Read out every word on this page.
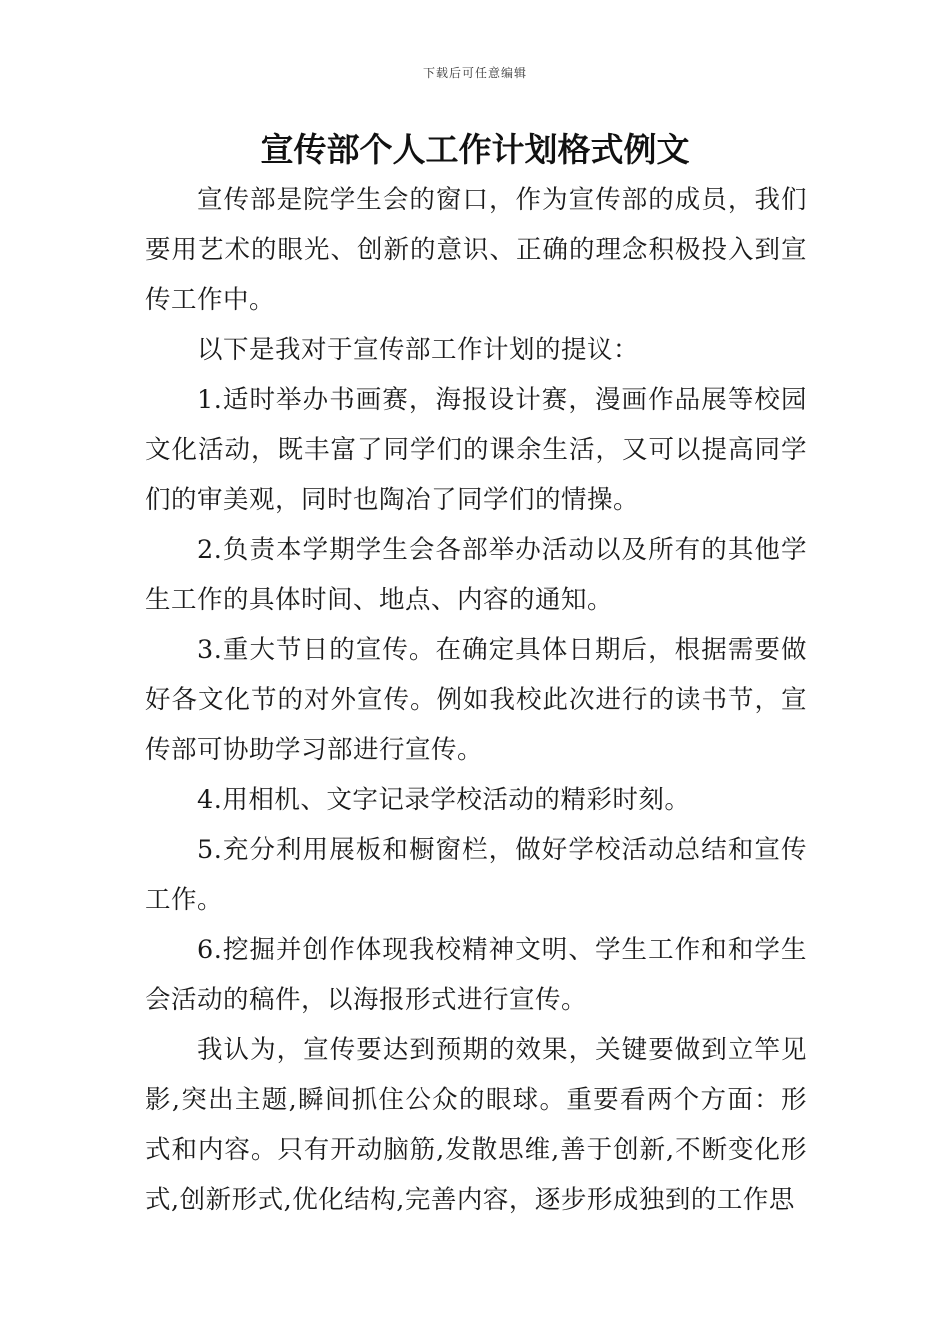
下载后可任意编辑
宣传部个人工作计划格式例文

宣传部是院学生会的窗口，作为宣传部的成员，我们要用艺术的眼光、创新的意识、正确的理念积极投入到宣传工作中。

以下是我对于宣传部工作计划的提议：

1.适时举办书画赛，海报设计赛，漫画作品展等校园文化活动，既丰富了同学们的课余生活，又可以提高同学们的审美观，同时也陶冶了同学们的情操。

2.负责本学期学生会各部举办活动以及所有的其他学生工作的具体时间、地点、内容的通知。

3.重大节日的宣传。在确定具体日期后，根据需要做好各文化节的对外宣传。例如我校此次进行的读书节，宣传部可协助学习部进行宣传。

4.用相机、文字记录学校活动的精彩时刻。

5.充分利用展板和橱窗栏，做好学校活动总结和宣传工作。

6.挖掘并创作体现我校精神文明、学生工作和和学生会活动的稿件，以海报形式进行宣传。

我认为，宣传要达到预期的效果，关键要做到立竿见影,突出主题,瞬间抓住公众的眼球。重要看两个方面：形式和内容。只有开动脑筋,发散思维,善于创新,不断变化形式,创新形式,优化结构,完善内容，逐步形成独到的工作思
